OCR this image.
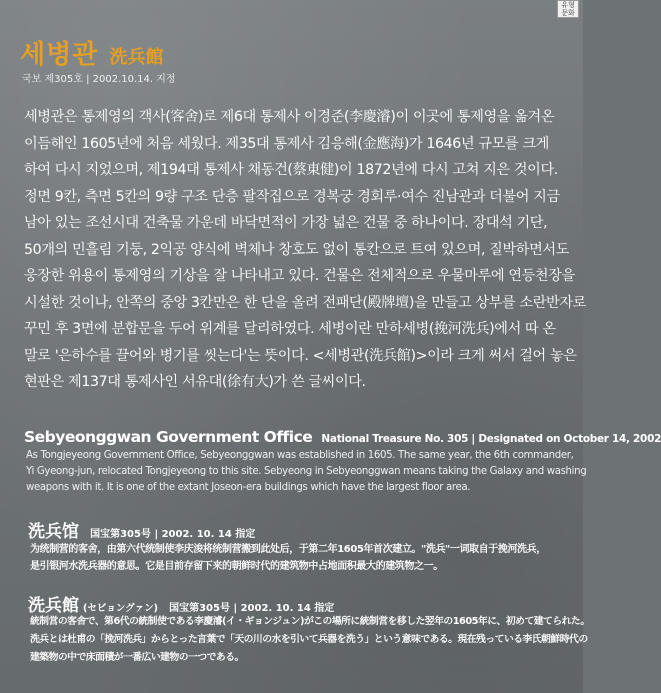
유형 문화
세병관 洗兵館
국보 제305호 | 2002.10.14. 지정
세병관은 통제영의 객사(客舍)로 제6대 통제사 이경준(李慶濬)이 이곳에 통제영을 옮겨온
이듬해인 1605년에 처음 세웠다. 제35대 통제사 김응해(金應海)가 1646년 규모를 크게
하여 다시 지었으며, 제194대 통제사 채동건(蔡東健)이 1872년에 다시 고쳐 지은 것이다.
정면 9칸, 측면 5칸의 9량 구조 단층 팔작집으로 경복궁 경회루·여수 진남관과 더불어 지금
남아 있는 조선시대 건축물 가운데 바닥면적이 가장 넓은 건물 중 하나이다. 장대석 기단,
50개의 민흘림 기둥, 2익공 양식에 벽체나 창호도 없이 통칸으로 트여 있으며, 질박하면서도
웅장한 위용이 통제영의 기상을 잘 나타내고 있다. 건물은 전체적으로 우물마루에 연등천장을
시설한 것이나, 안쪽의 중앙 3칸만은 한 단을 올려 전패단(殿牌壇)을 만들고 상부를 소란반자로
꾸민 후 3면에 분합문을 두어 위계를 달리하였다. 세병이란 만하세병(挽河洗兵)에서 따 온
말로 '은하수를 끌어와 병기를 씻는다'는 뜻이다. <세병관(洗兵館)>이라 크게 써서 걸어 놓은
현판은 제137대 통제사인 서유대(徐有大)가 쓴 글씨이다.
Sebyeonggwan Government Office National Treasure No. 305 | Designated on October 14, 2002
As Tongjeyeong Government Office, Sebyeonggwan was established in 1605. The same year, the 6th commander,
Yi Gyeong-jun, relocated Tongjeyeong to this site. Sebyeong in Sebyeonggwan means taking the Galaxy and washing
weapons with it. It is one of the extant Joseon-era buildings which have the largest floor area.
洗兵馆 国宝第305号 | 2002. 10. 14 指定
为统制营的客舍，由第六代统制使李庆浚将统制营搬到此处后，于第二年1605年首次建立。"洗兵"一词取自于挽河洗兵，
是引银河水洗兵器的意思。它是目前存留下来的朝鲜时代的建筑物中占地面积最大的建筑物之一。
洗兵館 (セビョングァン) 国宝第305号 | 2002. 10. 14 指定
統制営の客舎で、第6代の統制使である李慶濬(イ・ギョンジュン)がこの場所に統制営を移した翌年の1605年に、初めて建てられた。
洗兵とは杜甫の「挽河洗兵」からとった言葉で「天の川の水を引いて兵器を洗う」という意味である。現在残っている李氏朝鮮時代の
建築物の中で床面積が一番広い建物の一つである。
